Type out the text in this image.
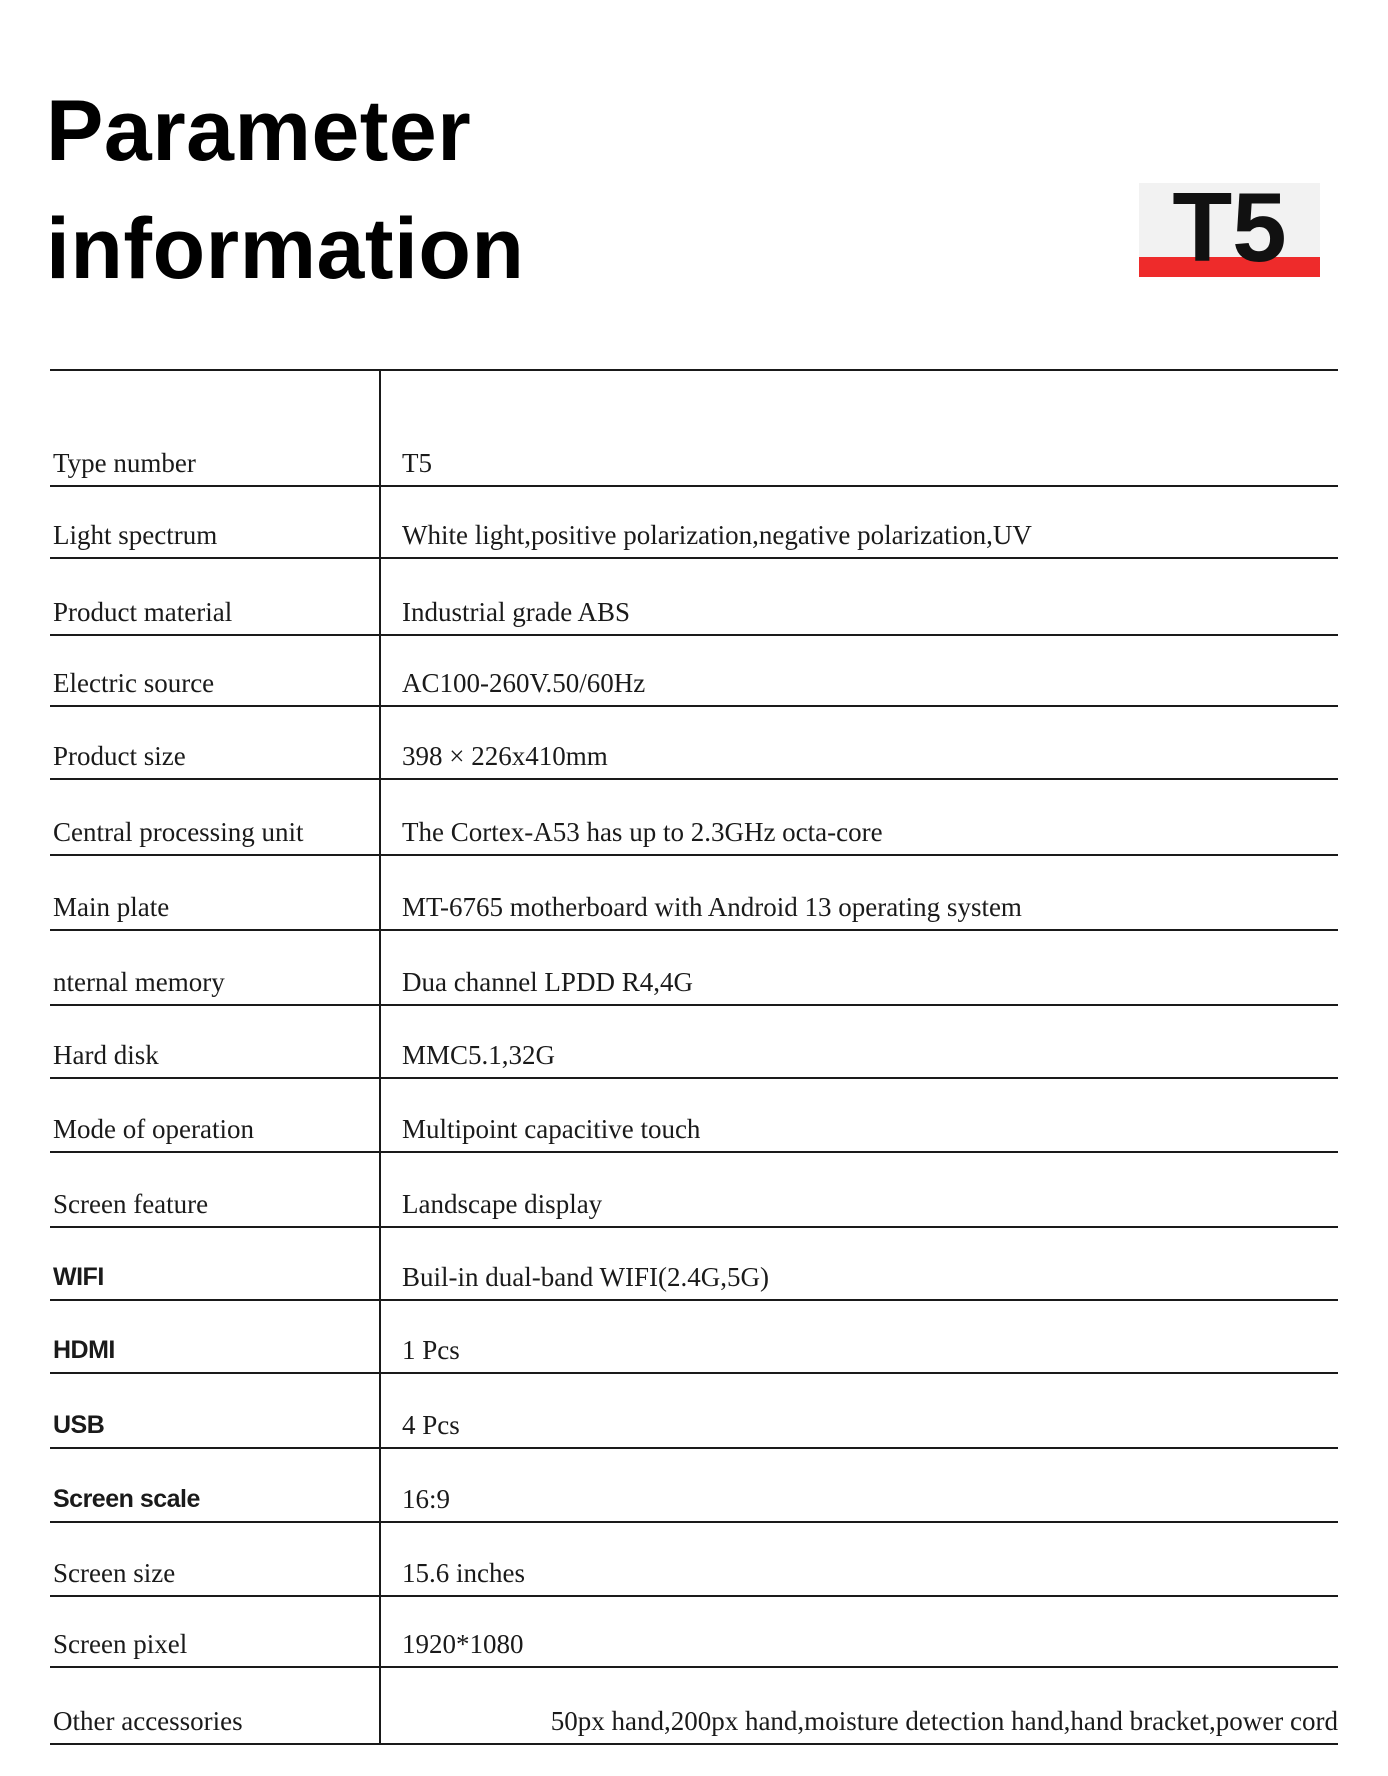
Parameter
information	T5
Type number	T5
Light spectrum	White light,positive polarization,negative polarization,UV
Product material	Industrial grade ABS
Electric source	AC100-260V.50/60Hz
Product size	398 × 226x410mm
Central processing unit	The Cortex-A53 has up to 2.3GHz octa-core
Main plate	MT-6765 motherboard with Android 13 operating system
nternal memory	Dua channel LPDD R4,4G
Hard disk	MMC5.1,32G
Mode of operation	Multipoint capacitive touch
Screen feature	Landscape display
WIFI	Buil-in dual-band WIFI(2.4G,5G)
HDMI	1 Pcs
USB	4 Pcs
Screen scale	16:9
Screen size	15.6 inches
Screen pixel	1920*1080
Other accessories	50px hand,200px hand,moisture detection hand,hand bracket,power cord
